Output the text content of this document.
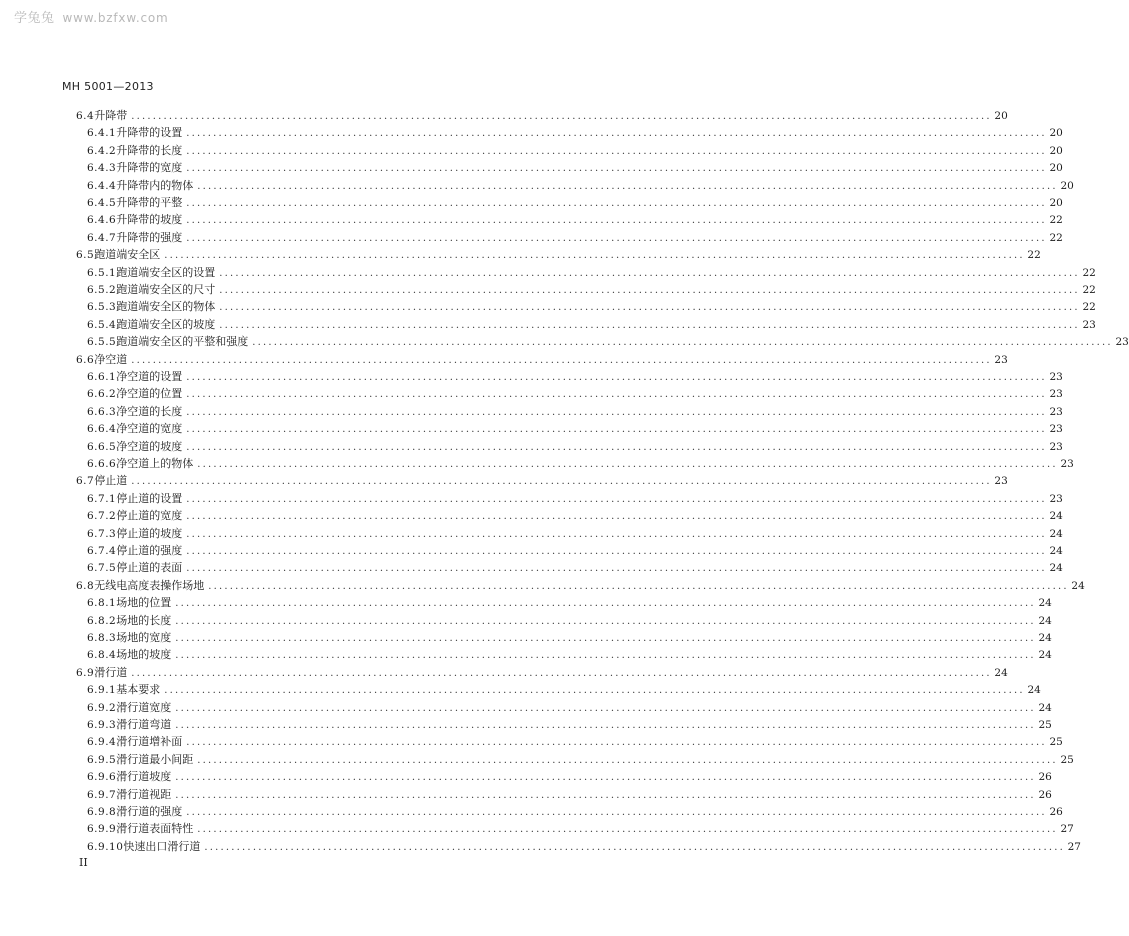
学兔兔 www.bzfxw.com
MH 5001—2013
6.4 升降带 ................................................................................................................................................................ 20
6.4.1 升降带的设置 ................................................................................................................................................................ 20
6.4.2 升降带的长度 ................................................................................................................................................................ 20
6.4.3 升降带的宽度 ................................................................................................................................................................ 20
6.4.4 升降带内的物体 ................................................................................................................................................................ 20
6.4.5 升降带的平整 ................................................................................................................................................................ 20
6.4.6 升降带的坡度 ................................................................................................................................................................ 22
6.4.7 升降带的强度 ................................................................................................................................................................ 22
6.5 跑道端安全区 ................................................................................................................................................................ 22
6.5.1 跑道端安全区的设置 ................................................................................................................................................................ 22
6.5.2 跑道端安全区的尺寸 ................................................................................................................................................................ 22
6.5.3 跑道端安全区的物体 ................................................................................................................................................................ 22
6.5.4 跑道端安全区的坡度 ................................................................................................................................................................ 23
6.5.5 跑道端安全区的平整和强度 ................................................................................................................................................................ 23
6.6 净空道 ................................................................................................................................................................ 23
6.6.1 净空道的设置 ................................................................................................................................................................ 23
6.6.2 净空道的位置 ................................................................................................................................................................ 23
6.6.3 净空道的长度 ................................................................................................................................................................ 23
6.6.4 净空道的宽度 ................................................................................................................................................................ 23
6.6.5 净空道的坡度 ................................................................................................................................................................ 23
6.6.6 净空道上的物体 ................................................................................................................................................................ 23
6.7 停止道 ................................................................................................................................................................ 23
6.7.1 停止道的设置 ................................................................................................................................................................ 23
6.7.2 停止道的宽度 ................................................................................................................................................................ 24
6.7.3 停止道的坡度 ................................................................................................................................................................ 24
6.7.4 停止道的强度 ................................................................................................................................................................ 24
6.7.5 停止道的表面 ................................................................................................................................................................ 24
6.8 无线电高度表操作场地 ................................................................................................................................................................ 24
6.8.1 场地的位置 ................................................................................................................................................................ 24
6.8.2 场地的长度 ................................................................................................................................................................ 24
6.8.3 场地的宽度 ................................................................................................................................................................ 24
6.8.4 场地的坡度 ................................................................................................................................................................ 24
6.9 滑行道 ................................................................................................................................................................ 24
6.9.1 基本要求 ................................................................................................................................................................ 24
6.9.2 滑行道宽度 ................................................................................................................................................................ 24
6.9.3 滑行道弯道 ................................................................................................................................................................ 25
6.9.4 滑行道增补面 ................................................................................................................................................................ 25
6.9.5 滑行道最小间距 ................................................................................................................................................................ 25
6.9.6 滑行道坡度 ................................................................................................................................................................ 26
6.9.7 滑行道视距 ................................................................................................................................................................ 26
6.9.8 滑行道的强度 ................................................................................................................................................................ 26
6.9.9 滑行道表面特性 ................................................................................................................................................................ 27
6.9.10 快速出口滑行道 ................................................................................................................................................................ 27
II
